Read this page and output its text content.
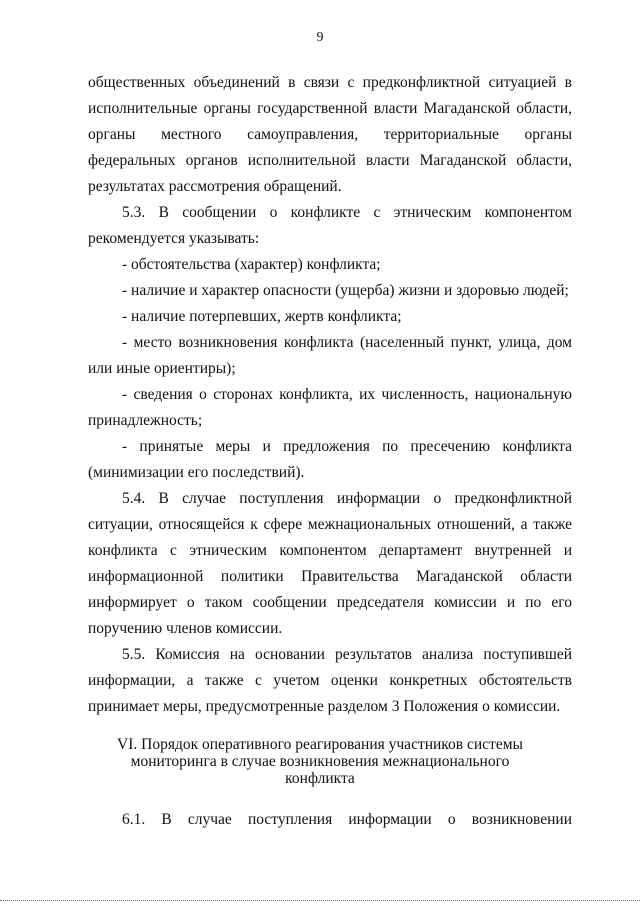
9

общественных объединений в связи с предконфликтной ситуацией в исполнительные органы государственной власти Магаданской области, органы местного самоуправления, территориальные органы федеральных органов исполнительной власти Магаданской области, результатах рассмотрения обращений.

5.3. В сообщении о конфликте с этническим компонентом рекомендуется указывать:

- обстоятельства (характер) конфликта;

- наличие и характер опасности (ущерба) жизни и здоровью людей;

- наличие потерпевших, жертв конфликта;

- место возникновения конфликта (населенный пункт, улица, дом или иные ориентиры);

- сведения о сторонах конфликта, их численность, национальную принадлежность;

- принятые меры и предложения по пресечению конфликта (минимизации его последствий).

5.4. В случае поступления информации о предконфликтной ситуации, относящейся к сфере межнациональных отношений, а также конфликта с этническим компонентом департамент внутренней и информационной политики Правительства Магаданской области информирует о таком сообщении председателя комиссии и по его поручению членов комиссии.

5.5. Комиссия на основании результатов анализа поступившей информации, а также с учетом оценки конкретных обстоятельств принимает меры, предусмотренные разделом 3 Положения о комиссии.

VI. Порядок оперативного реагирования участников системы мониторинга в случае возникновения межнационального конфликта
6.1. В случае поступления информации о возникновении
